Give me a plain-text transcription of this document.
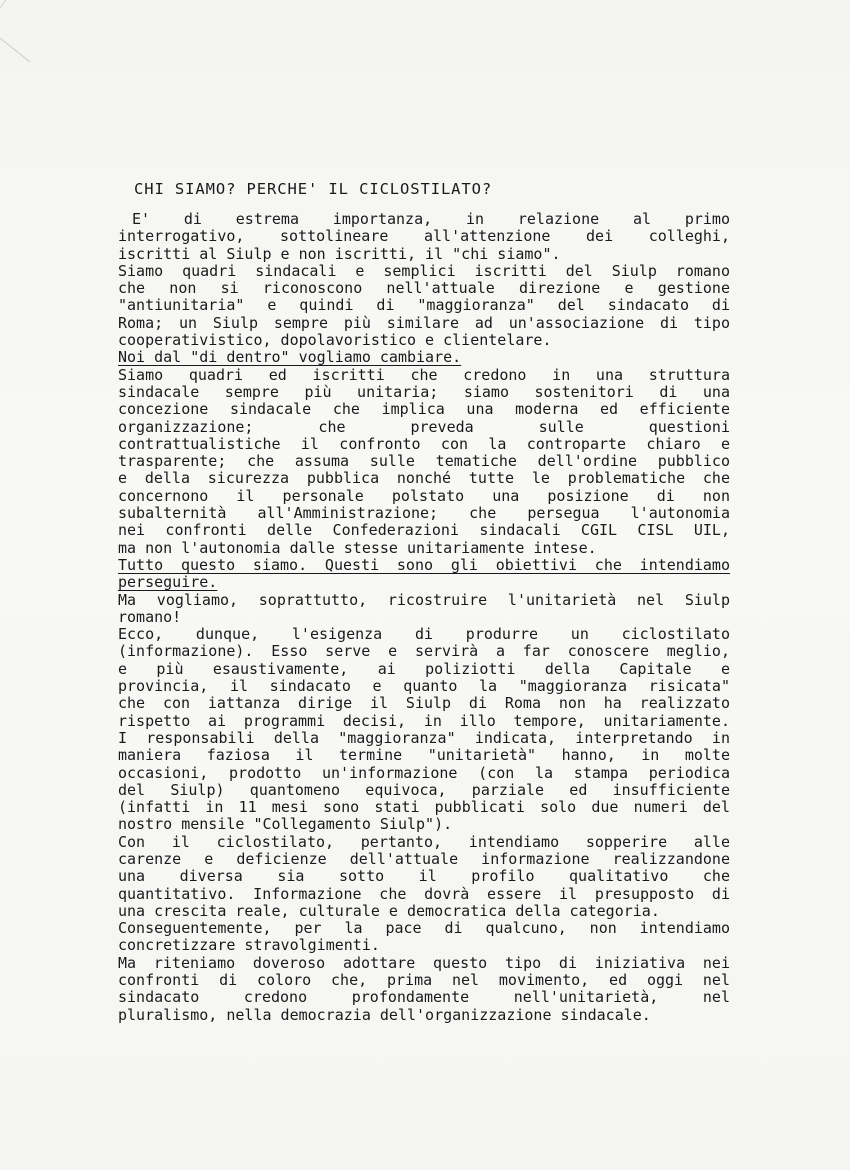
CHI SIAMO? PERCHE' IL CICLOSTILATO?
E' di estrema importanza, in relazione al primo
interrogativo, sottolineare all'attenzione dei colleghi,
iscritti al Siulp e non iscritti, il "chi siamo".
Siamo quadri sindacali e semplici iscritti del Siulp romano
che non si riconoscono nell'attuale direzione e gestione
"antiunitaria" e quindi di "maggioranza" del sindacato di
Roma; un Siulp sempre più similare ad un'associazione di tipo
cooperativistico, dopolavoristico e clientelare.
Noi dal "di dentro" vogliamo cambiare.
Siamo quadri ed iscritti che credono in una struttura
sindacale sempre più unitaria; siamo sostenitori di una
concezione sindacale che implica una moderna ed efficiente
organizzazione; che preveda sulle questioni
contrattualistiche il confronto con la controparte chiaro e
trasparente; che assuma sulle tematiche dell'ordine pubblico
e della sicurezza pubblica nonché tutte le problematiche che
concernono il personale polstato una posizione di non
subalternità all'Amministrazione; che persegua l'autonomia
nei confronti delle Confederazioni sindacali CGIL CISL UIL,
ma non l'autonomia dalle stesse unitariamente intese.
Tutto questo siamo. Questi sono gli obiettivi che intendiamo
perseguire.
Ma vogliamo, soprattutto, ricostruire l'unitarietà nel Siulp
romano!
Ecco, dunque, l'esigenza di produrre un ciclostilato
(informazione). Esso serve e servirà a far conoscere meglio,
e più esaustivamente, ai poliziotti della Capitale e
provincia, il sindacato e quanto la "maggioranza risicata"
che con iattanza dirige il Siulp di Roma non ha realizzato
rispetto ai programmi decisi, in illo tempore, unitariamente.
I responsabili della "maggioranza" indicata, interpretando in
maniera faziosa il termine "unitarietà" hanno, in molte
occasioni, prodotto un'informazione (con la stampa periodica
del Siulp) quantomeno equivoca, parziale ed insufficiente
(infatti in 11 mesi sono stati pubblicati solo due numeri del
nostro mensile "Collegamento Siulp").
Con il ciclostilato, pertanto, intendiamo sopperire alle
carenze e deficienze dell'attuale informazione realizzandone
una diversa sia sotto il profilo qualitativo che
quantitativo. Informazione che dovrà essere il presupposto di
una crescita reale, culturale e democratica della categoria.
Conseguentemente, per la pace di qualcuno, non intendiamo
concretizzare stravolgimenti.
Ma riteniamo doveroso adottare questo tipo di iniziativa nei
confronti di coloro che, prima nel movimento, ed oggi nel
sindacato credono profondamente nell'unitarietà, nel
pluralismo, nella democrazia dell'organizzazione sindacale.
